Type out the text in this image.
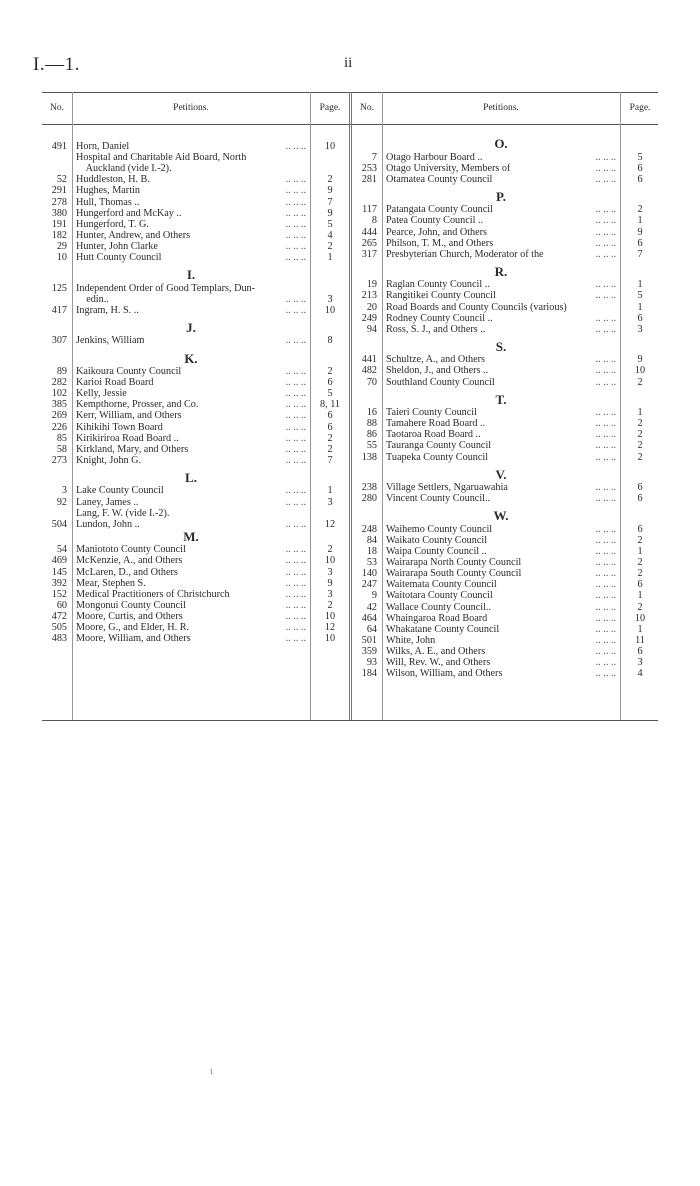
I.—1.	ii
No.	Petitions.	Page.	No.	Petitions.	Page.
491 Horn, Daniel	.. .. ..	10
Hospital and Charitable Aid Board, North
Auckland (vide I.-2).
52 Huddleston, H. B.	.. .. ..	2
291 Hughes, Martin	.. .. ..	9
278 Hull, Thomas ..	.. .. ..	7
380 Hungerford and McKay ..	.. .. ..	9
191 Hungerford, T. G.	.. .. ..	5
182 Hunter, Andrew, and Others	.. .. ..	4
29 Hunter, John Clarke	.. .. ..	2
10 Hutt County Council	.. .. ..	1
I.
125 Independent Order of Good Templars, Dun-
edin..	.. .. ..	3
417 Ingram, H. S. ..	.. .. ..	10
J.
307 Jenkins, William	.. .. ..	8
K.
89 Kaikoura County Council	.. .. ..	2
282 Karioi Road Board	.. .. ..	6
102 Kelly, Jessie	.. .. ..	5
385 Kempthorne, Prosser, and Co.	.. .. ..	8, 11
269 Kerr, William, and Others	.. .. ..	6
226 Kihikihi Town Board	.. .. ..	6
85 Kirikiriroa Road Board ..	.. .. ..	2
58 Kirkland, Mary, and Others	.. .. ..	2
273 Knight, John G.	.. .. ..	7
L.
3 Lake County Council	.. .. ..	1
92 Laney, James ..	.. .. ..	3
Lang, F. W. (vide I.-2).
504 Lundon, John ..	.. .. ..	12
M.
54 Maniototo County Council	.. .. ..	2
469 McKenzie, A., and Others	.. .. ..	10
145 McLaren, D., and Others	.. .. ..	3
392 Mear, Stephen S.	.. .. ..	9
152 Medical Practitioners of Christchurch	.. .. ..	3
60 Mongonui County Council	.. .. ..	2
472 Moore, Curtis, and Others	.. .. ..	10
505 Moore, G., and Elder, H. R.	.. .. ..	12
483 Moore, William, and Others	.. .. ..	10
O.
7 Otago Harbour Board ..	.. .. ..	5
253 Otago University, Members of	.. .. ..	6
281 Otamatea County Council	.. .. ..	6
P.
117 Patangata County Council	.. .. ..	2
8 Patea County Council ..	.. .. ..	1
444 Pearce, John, and Others	.. .. ..	9
265 Philson, T. M., and Others	.. .. ..	6
317 Presbyterian Church, Moderator of the	.. .. ..	7
R.
19 Raglan County Council ..	.. .. ..	1
213 Rangitikei County Council	.. .. ..	5
20 Road Boards and County Councils (various)	1
249 Rodney County Council ..	.. .. ..	6
94 Ross, S. J., and Others ..	.. .. ..	3
S.
441 Schultze, A., and Others	.. .. ..	9
482 Sheldon, J., and Others ..	.. .. ..	10
70 Southland County Council	.. .. ..	2
T.
16 Taieri County Council	.. .. ..	1
88 Tamahere Road Board ..	.. .. ..	2
86 Taotaroa Road Board ..	.. .. ..	2
55 Tauranga County Council	.. .. ..	2
138 Tuapeka County Council	.. .. ..	2
V.
238 Village Settlers, Ngaruawahia	.. .. ..	6
280 Vincent County Council..	.. .. ..	6
W.
248 Waihemo County Council	.. .. ..	6
84 Waikato County Council	.. .. ..	2
18 Waipa County Council ..	.. .. ..	1
53 Wairarapa North County Council	.. .. ..	2
140 Wairarapa South County Council	.. .. ..	2
247 Waitemata County Council	.. .. ..	6
9 Waitotara County Council	.. .. ..	1
42 Wallace County Council..	.. .. ..	2
464 Whaingaroa Road Board	.. .. ..	10
64 Whakatane County Council	.. .. ..	1
501 White, John	.. .. ..	11
359 Wilks, A. E., and Others	.. .. ..	6
93 Will, Rev. W., and Others	.. .. ..	3
184 Wilson, William, and Others	.. .. ..	4
ɩ
